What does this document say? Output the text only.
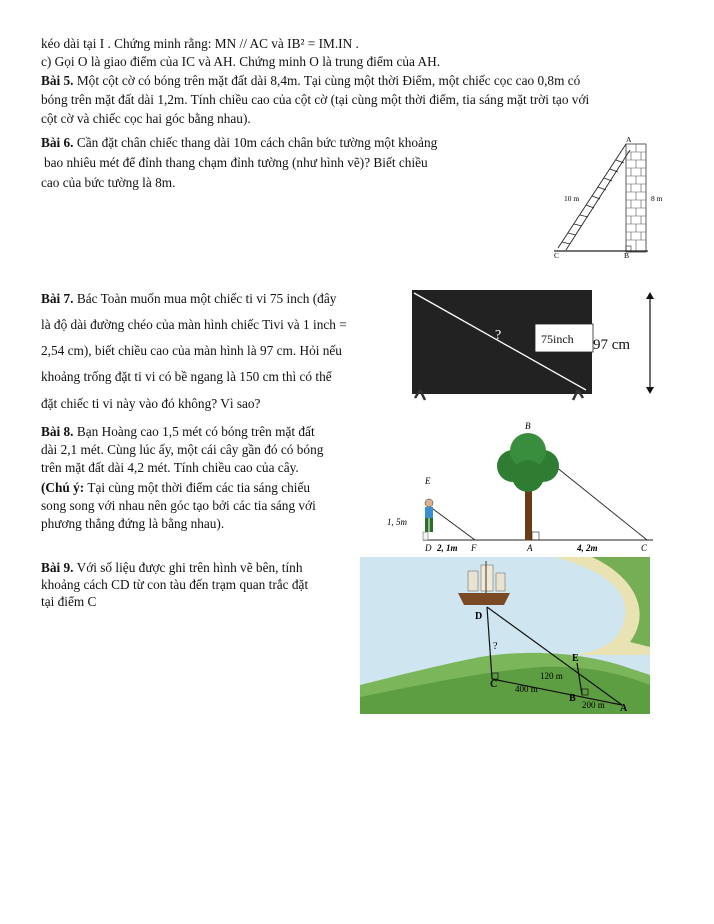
kéo dài tại I . Chứng minh rằng: MN // AC và IB² = IM.IN .
c) Gọi O là giao điểm của IC và AH. Chứng minh O là trung điểm của AH.
Bài 5. Một cột cờ có bóng trên mặt đất dài 8,4m. Tại cùng một thời Điểm, một chiếc cọc cao 0,8m có
bóng trên mặt đất dài 1,2m. Tính chiều cao của cột cờ (tại cùng một thời điểm, tia sáng mặt trời tạo với
cột cờ và chiếc cọc hai góc bằng nhau).
Bài 6. Cần đặt chân chiếc thang dài 10m cách chân bức tường một khoảng
bao nhiêu mét để đỉnh thang chạm đỉnh tường (như hình vẽ)? Biết chiều
cao của bức tường là 8m.
A
C	B
10 m	8 m
Bài 7. Bác Toàn muốn mua một chiếc ti vi 75 inch (đây
là độ dài đường chéo của màn hình chiếc Tivi và 1 inch =
2,54 cm), biết chiều cao của màn hình là 97 cm. Hỏi nếu
khoảng trống đặt ti vi có bề ngang là 150 cm thì có thể
đặt chiếc ti vi này vào đó không? Vì sao?
?	75inch 97 cm
Bài 8. Bạn Hoàng cao 1,5 mét có bóng trên mặt đất
dài 2,1 mét. Cùng lúc ấy, một cái cây gần đó có bóng
trên mặt đất dài 4,2 mét. Tính chiều cao của cây.
(Chú ý: Tại cùng một thời điểm các tia sáng chiếu
song song với nhau nên góc tạo bởi các tia sáng với
phương thẳng đứng là bằng nhau).
B
E
1, 5m
D 2, 1m F	A	4, 2m	C
Bài 9. Với số liệu được ghi trên hình vẽ bên, tính
khoảng cách CD từ con tàu đến trạm quan trắc đặt
tại điểm C
D
?
E
C
120 m
400 m
B
200 m A
